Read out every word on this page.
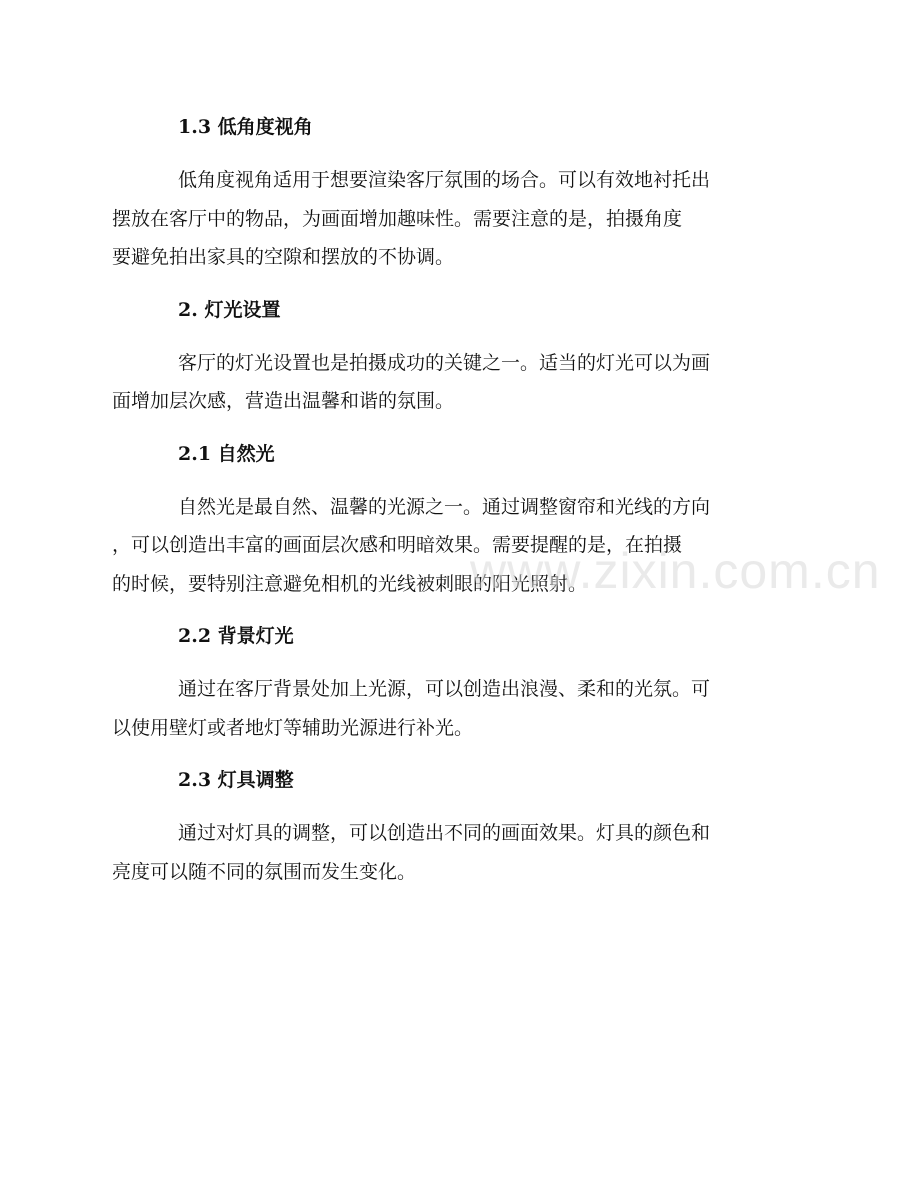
1.3 低角度视角
低角度视角适用于想要渲染客厅氛围的场合。可以有效地衬托出
摆放在客厅中的物品，为画面增加趣味性。需要注意的是，拍摄角度
要避免拍出家具的空隙和摆放的不协调。
2. 灯光设置
客厅的灯光设置也是拍摄成功的关键之一。适当的灯光可以为画
面增加层次感，营造出温馨和谐的氛围。
2.1 自然光
自然光是最自然、温馨的光源之一。通过调整窗帘和光线的方向
，可以创造出丰富的画面层次感和明暗效果。需要提醒的是，在拍摄
的时候，要特别注意避免相机的光线被刺眼的阳光照射。
2.2 背景灯光
通过在客厅背景处加上光源，可以创造出浪漫、柔和的光氛。可
以使用壁灯或者地灯等辅助光源进行补光。
2.3 灯具调整
通过对灯具的调整，可以创造出不同的画面效果。灯具的颜色和
亮度可以随不同的氛围而发生变化。
www.zixin.com.cn
